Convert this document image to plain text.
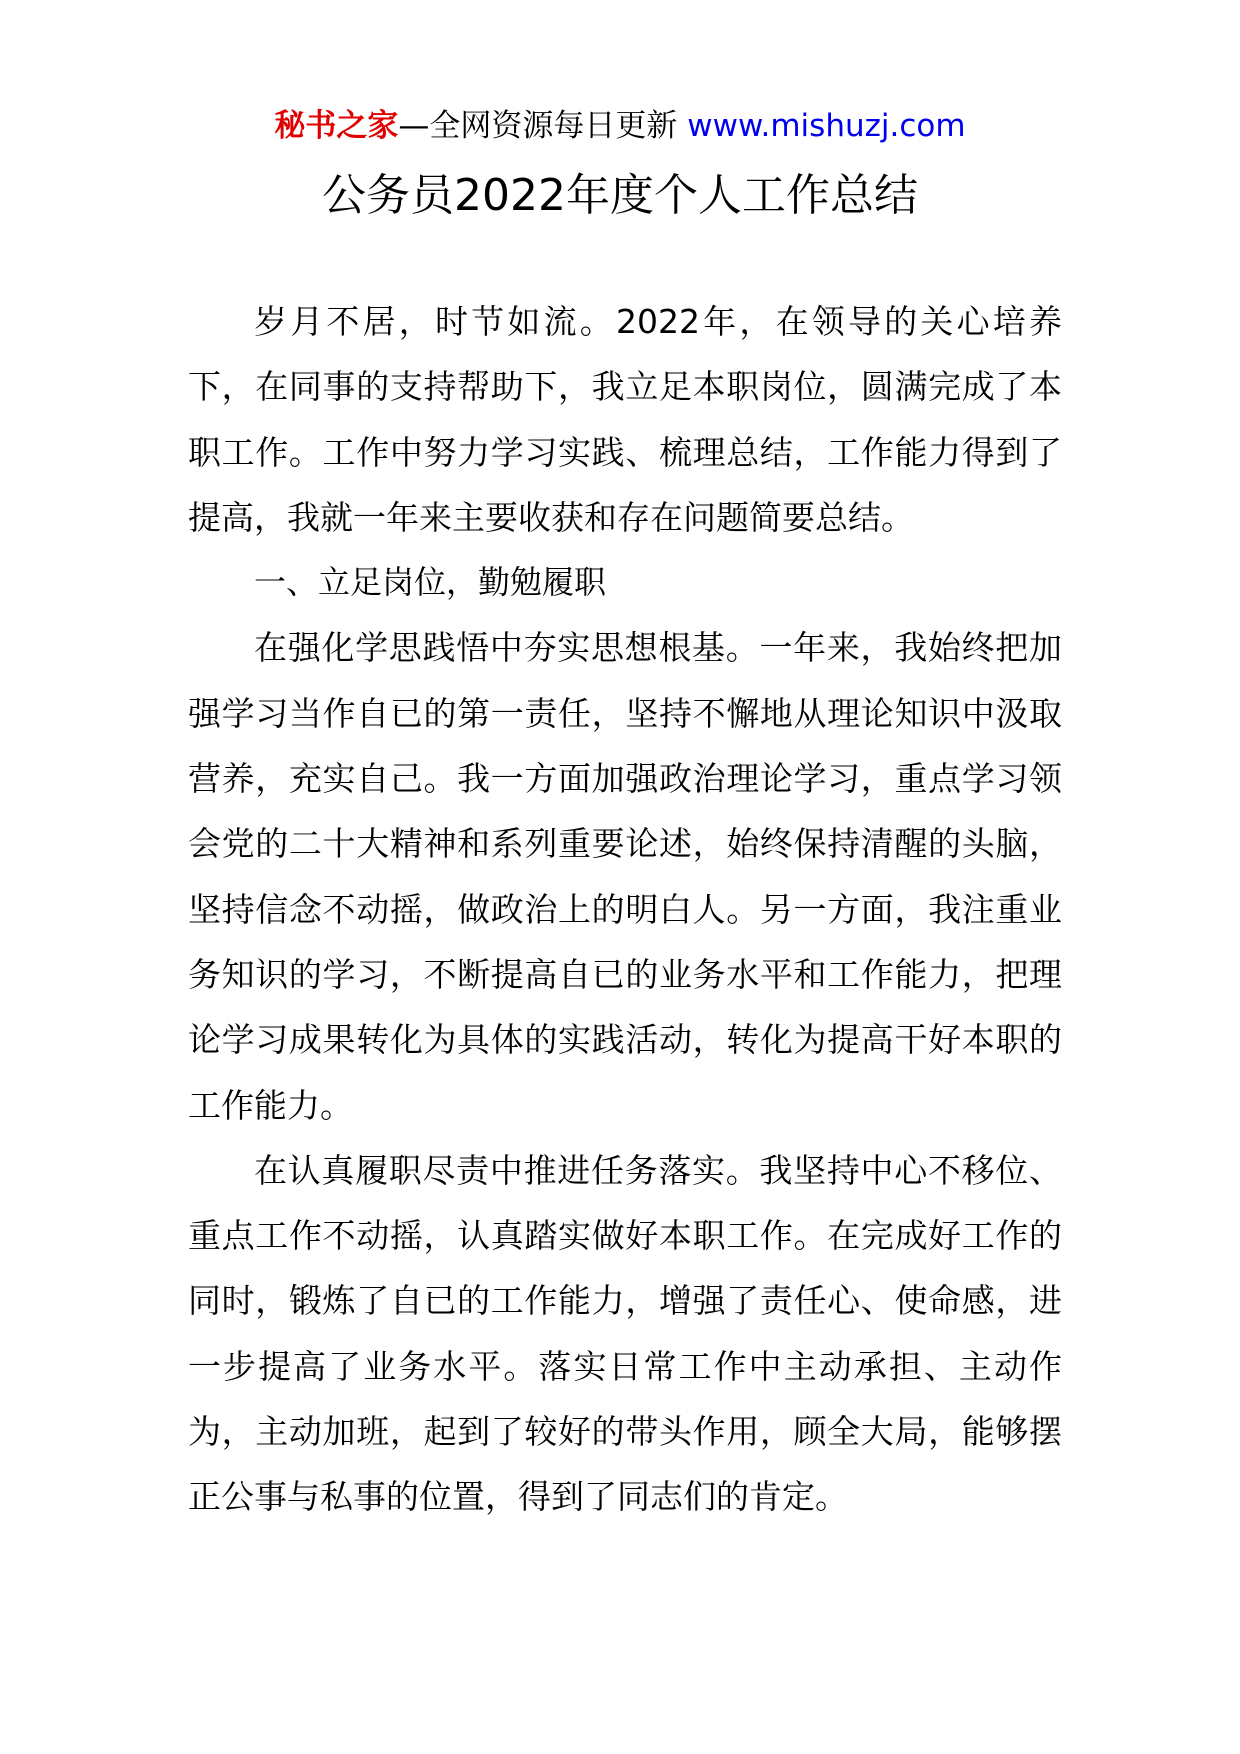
秘书之家—全网资源每日更新 www.mishuzj.com
公务员2022年度个人工作总结

岁月不居，时节如流。2022年，在领导的关心培养下，在同事的支持帮助下，我立足本职岗位，圆满完成了本职工作。工作中努力学习实践、梳理总结，工作能力得到了提高，我就一年来主要收获和存在问题简要总结。

一、立足岗位，勤勉履职

在强化学思践悟中夯实思想根基。一年来，我始终把加强学习当作自已的第一责任，坚持不懈地从理论知识中汲取营养，充实自己。我一方面加强政治理论学习，重点学习领会党的二十大精神和系列重要论述，始终保持清醒的头脑，坚持信念不动摇，做政治上的明白人。另一方面，我注重业务知识的学习，不断提高自已的业务水平和工作能力，把理论学习成果转化为具体的实践活动，转化为提高干好本职的工作能力。

在认真履职尽责中推进任务落实。我坚持中心不移位、重点工作不动摇，认真踏实做好本职工作。在完成好工作的同时，锻炼了自已的工作能力，增强了责任心、使命感，进一步提高了业务水平。落实日常工作中主动承担、主动作为，主动加班，起到了较好的带头作用，顾全大局，能够摆正公事与私事的位置，得到了同志们的肯定。
